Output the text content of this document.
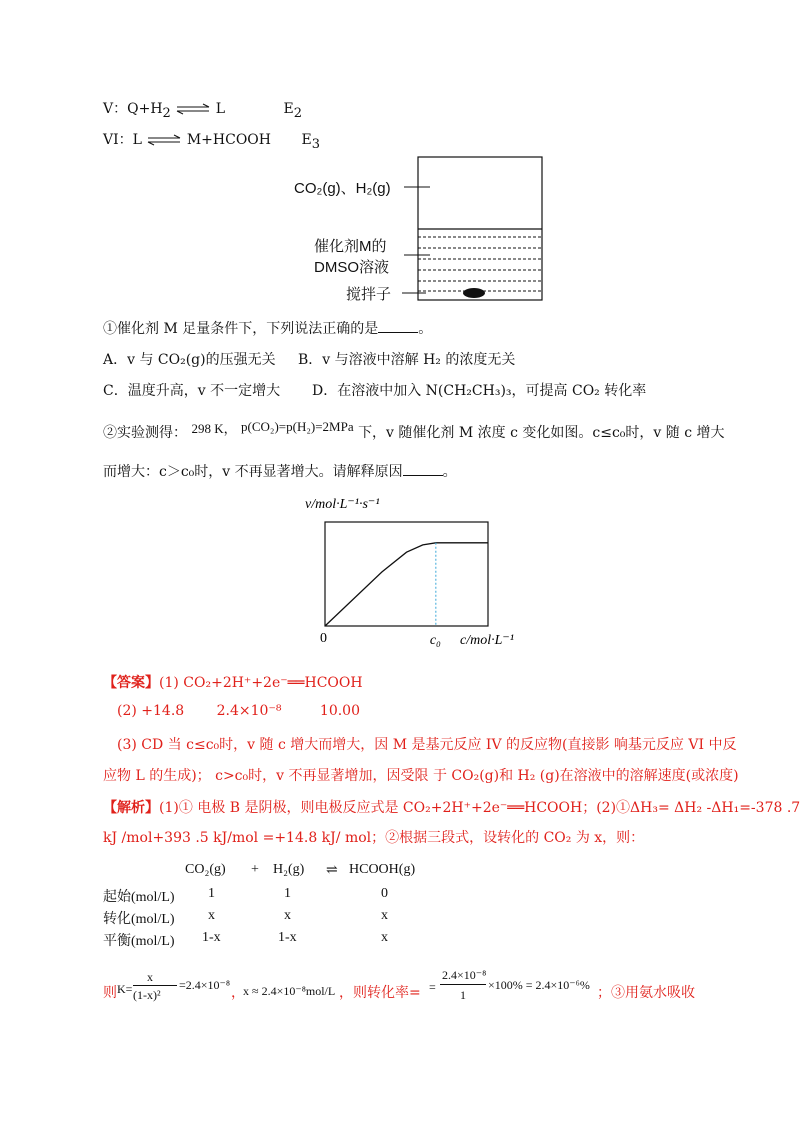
V：$Q+H_2$ ⇌ L	$E_2$
VI：L ⇌ M+HCOOH $E_3$
CO₂(g)、H₂(g)
催化剂M的
DMSO溶液
搅拌子
①催化剂 M 足量条件下，下列说法正确的是	。
A．v 与 CO₂(g)的压强无关 B．v 与溶液中溶解 H₂ 的浓度无关
C．温度升高，v 不一定增大 D．在溶液中加入 N(CH₂CH₃)₃，可提高 CO₂ 转化率
②实验测得： 298 K， p(CO₂)=p(H₂)=2MPa 下，v 随催化剂 M 浓度 c 变化如图。c≤c₀时，v 随 c 增大
而增大：c＞c₀时，v 不再显著增大。请解释原因	。
v/mol·L⁻¹·s⁻¹
0	c₀ c/mol·L⁻¹
【答案】(1) CO₂+2H⁺+2e⁻══HCOOH
(2) +14.8 2.4×10⁻⁸	10.00
(3) CD 当 c≤c₀时，v 随 c 增大而增大，因 M 是基元反应 IV 的反应物(直接影 响基元反应 VI 中反
应物 L 的生成)； c>c₀时，v 不再显著增加，因受限 于 CO₂(g)和 H₂ (g)在溶液中的溶解速度(或浓度)
【解析】(1)① 电极 B 是阴极，则电极反应式是 CO₂+2H⁺+2e⁻══HCOOH；(2)①ΔH₃= ΔH₂ -ΔH₁=-378 .7
kJ /mol+393 .5 kJ/mol =+14.8 kJ/ mol；②根据三段式，设转化的 CO₂ 为 x，则：
CO₂(g) + H₂(g) ⇌ HCOOH(g)
起始(mol/L) 1	1	0
转化(mol/L) x	x	x
平衡(mol/L) 1-x	1-x	x
则 K=
x
(1-x)²
=2.4×10⁻⁸ ，
x ≈ 2.4×10⁻⁸mol/L ，则转化率= =
2.4×10⁻⁸
1
×100% = 2.4×10⁻⁶% ；③用氨水吸收
